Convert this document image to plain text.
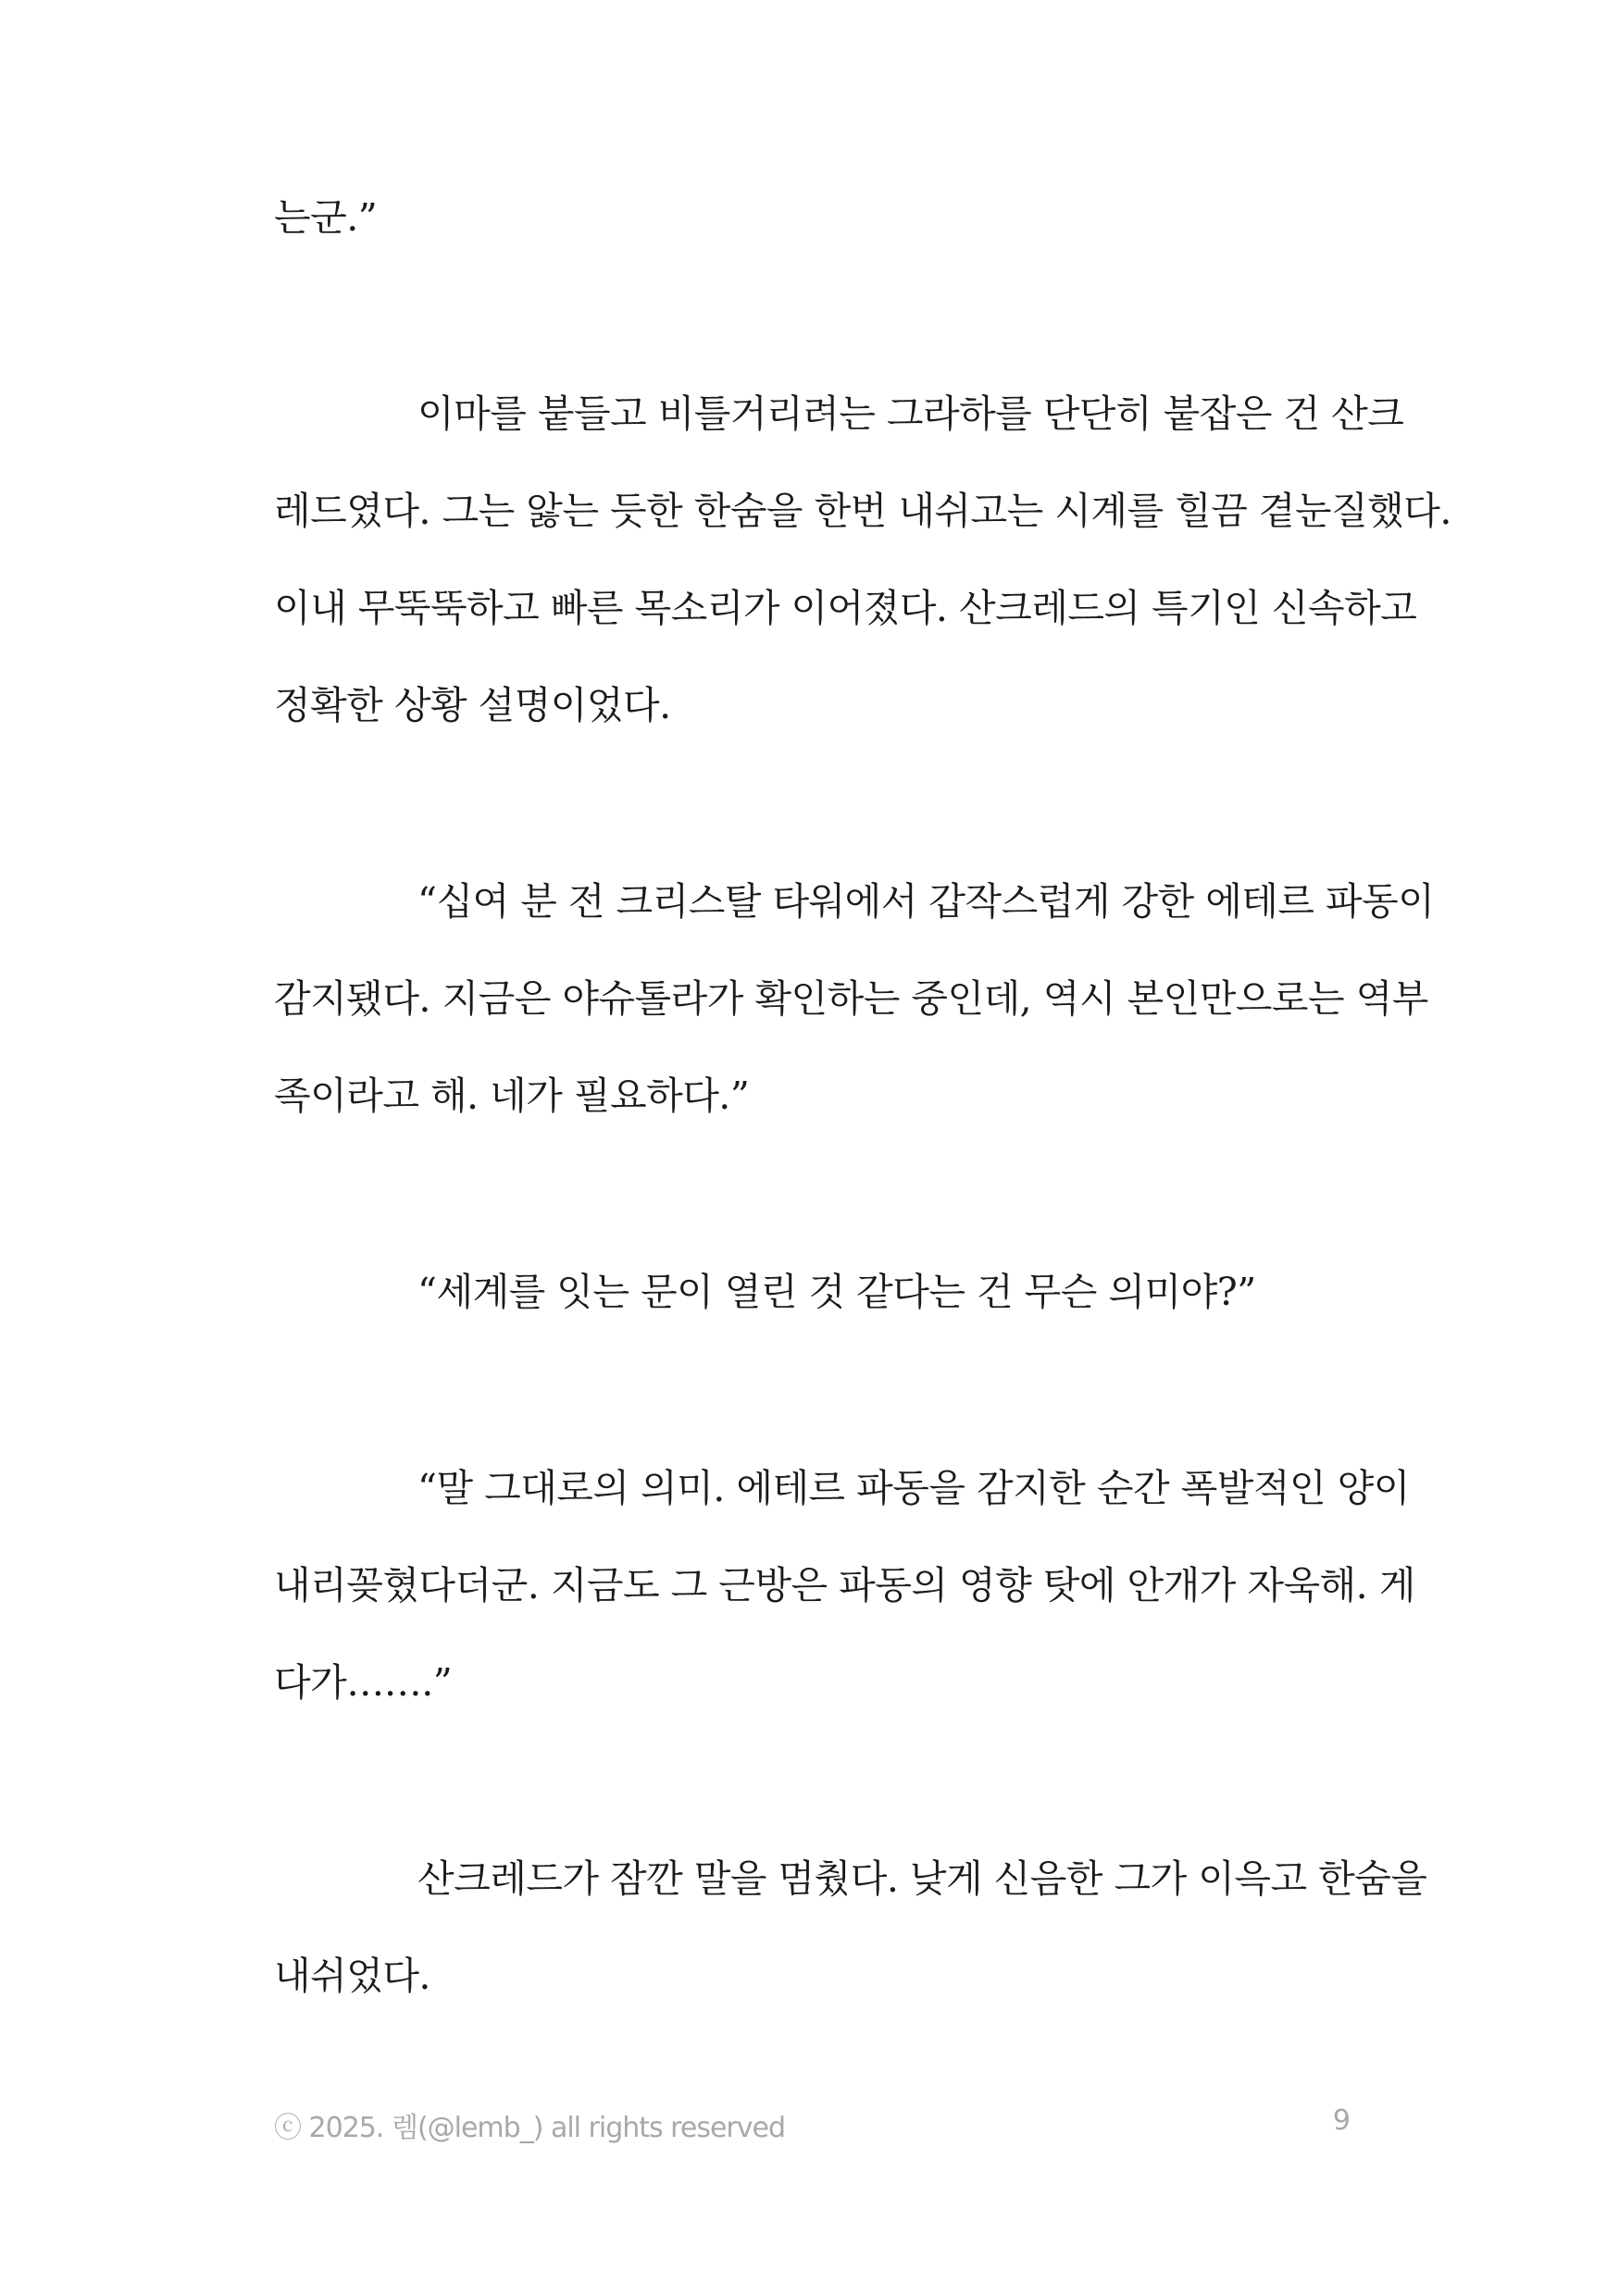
는군.”
이마를 붙들고 비틀거리려는 그라하를 단단히 붙잡은 건 산크
레드였다. 그는 앓는 듯한 한숨을 한번 내쉬고는 시계를 힐끔 곁눈질했다.
이내 무뚝뚝하고 빠른 목소리가 이어졌다. 산크레드의 특기인 신속하고
정확한 상황 설명이었다.
“십여 분 전 크리스탈 타워에서 갑작스럽게 강한 에테르 파동이
감지됐다. 지금은 야슈톨라가 확인하는 중인데, 역시 본인만으로는 역부
족이라고 해. 네가 필요하다.”
“세계를 잇는 문이 열린 것 같다는 건 무슨 의미야?”
“말 그대로의 의미. 에테르 파동을 감지한 순간 폭발적인 양이
내리꽂혔다더군. 지금도 그 근방은 파동의 영향 탓에 안개가 자욱해. 게
다가…….”
산크레드가 잠깐 말을 멈췄다. 낮게 신음한 그가 이윽고 한숨을
내쉬었다.
ⓒ 2025. 렘(@lemb_) all rights reserved	9
